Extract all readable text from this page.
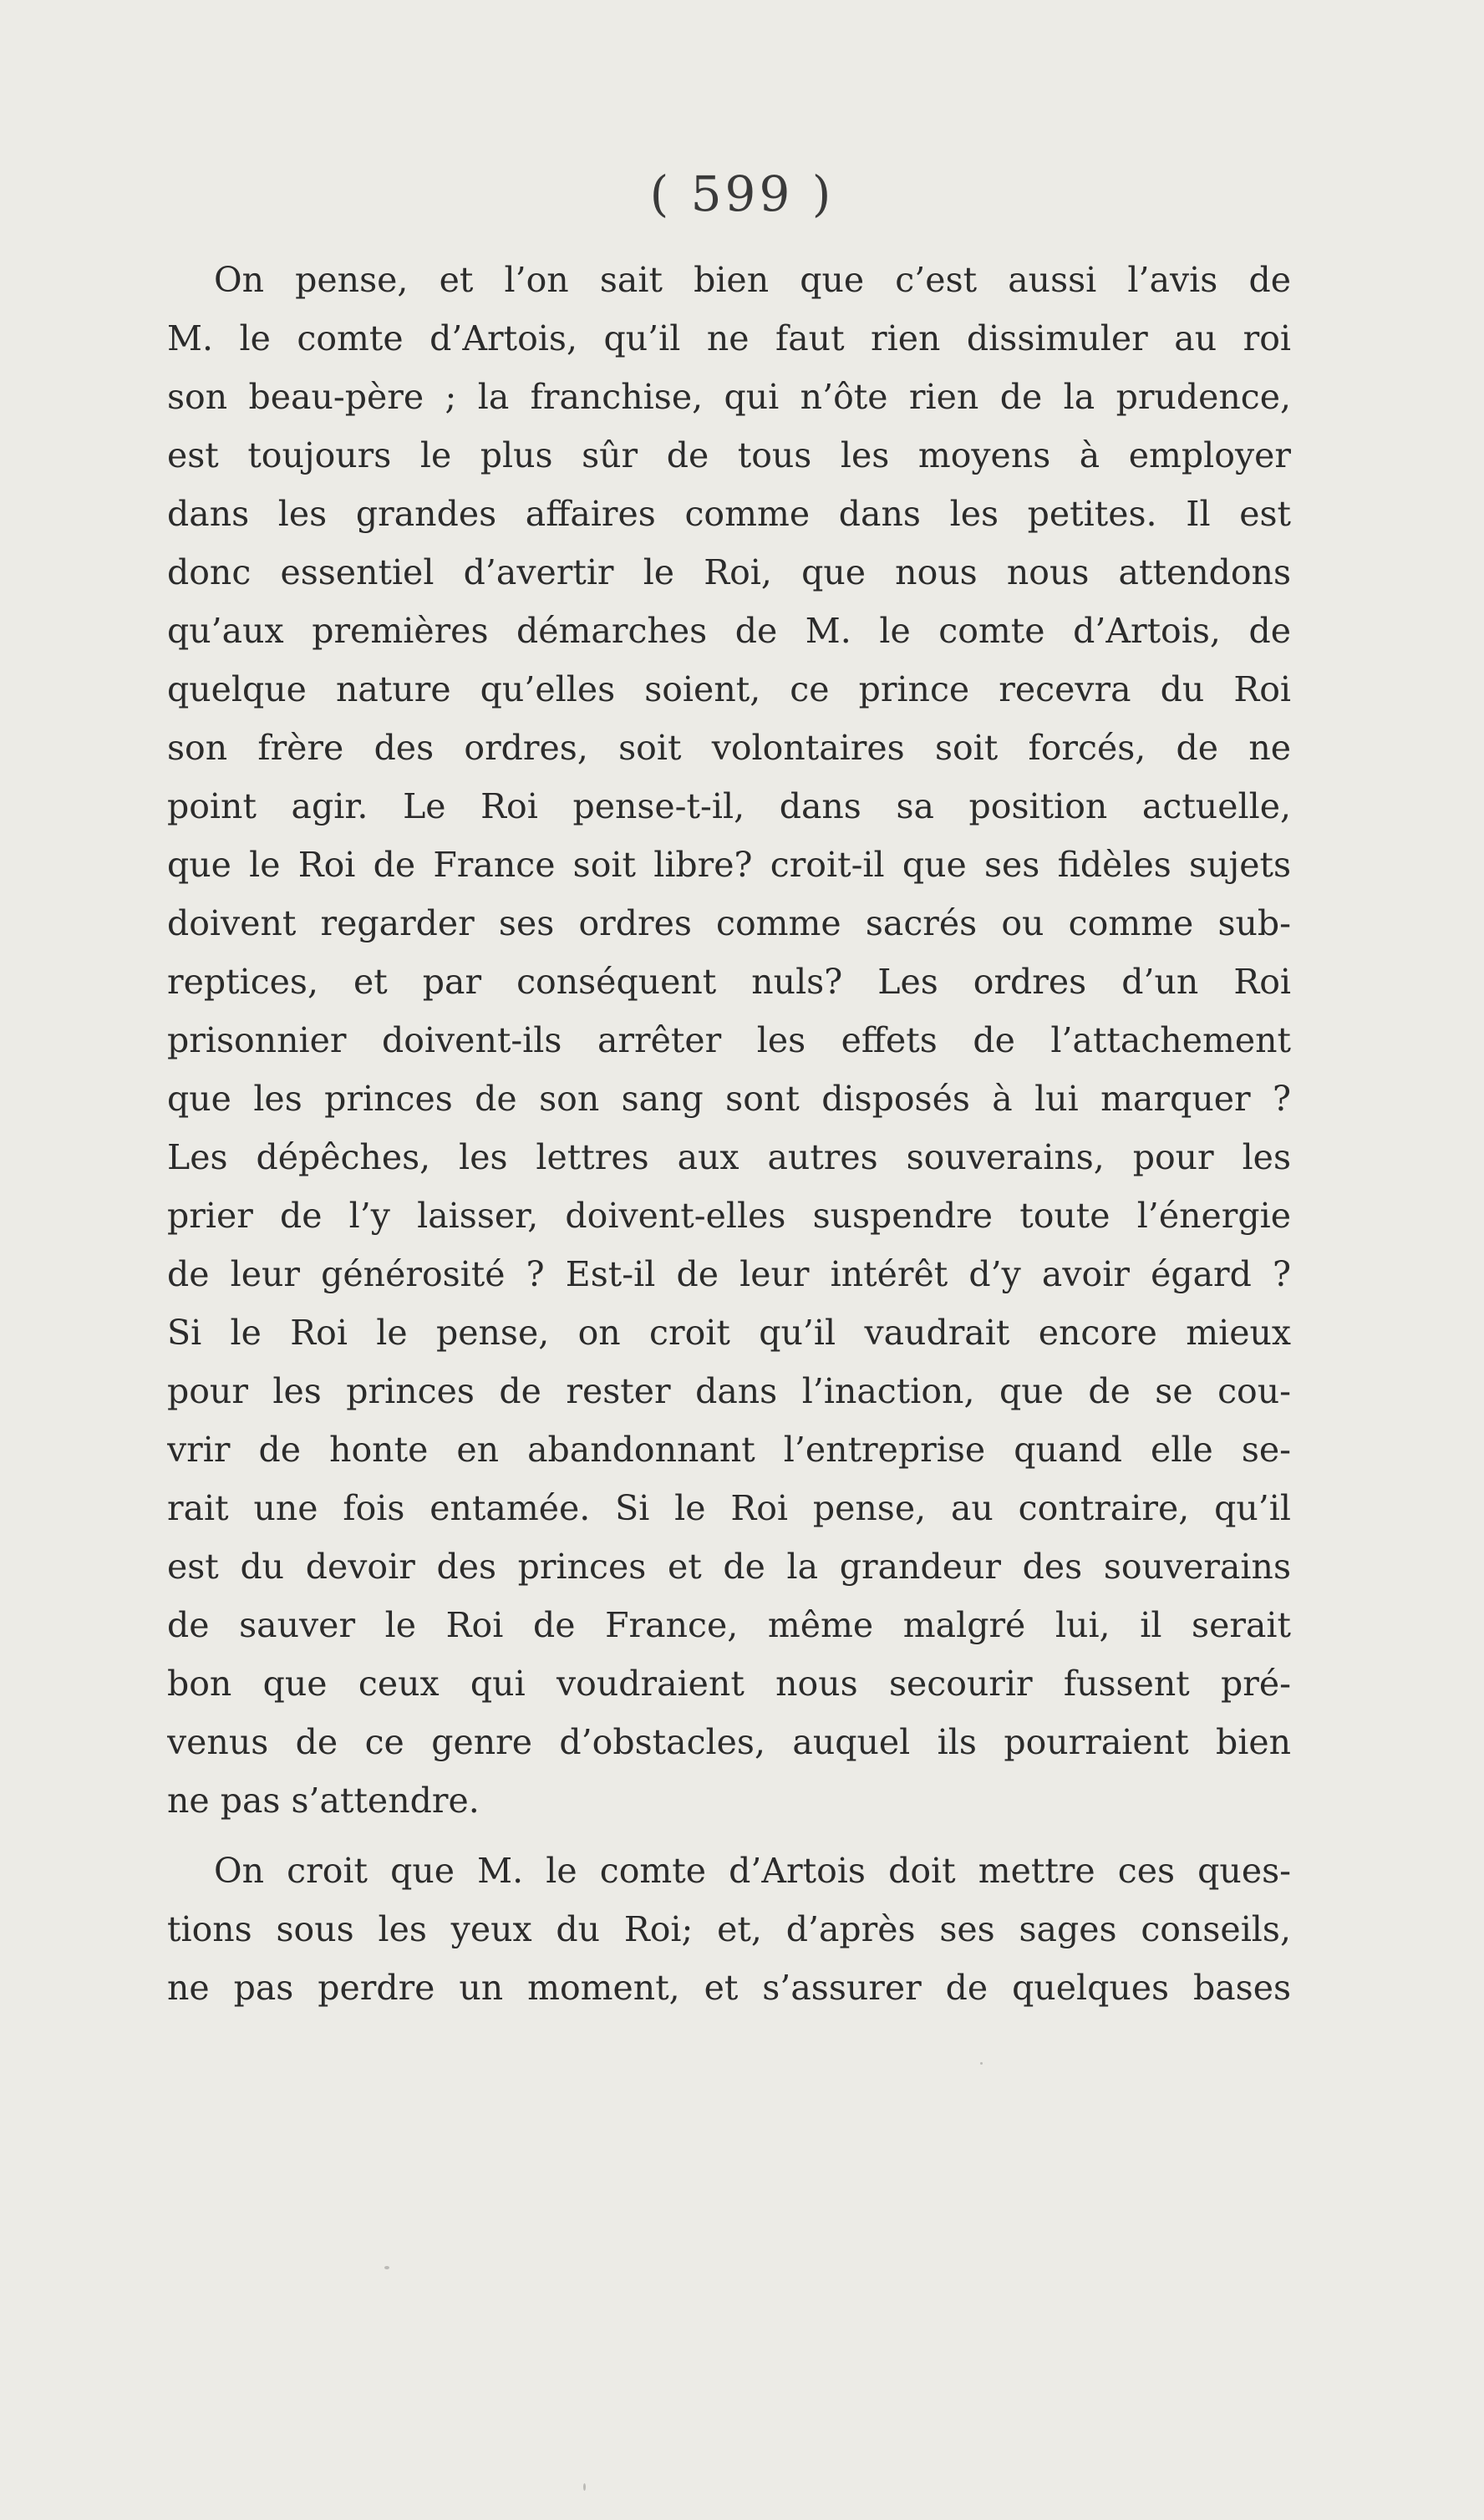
( 599 )
On pense, et l’on sait bien que c’est aussi l’avis de
M. le comte d’Artois, qu’il ne faut rien dissimuler au roi
son beau-père ; la franchise, qui n’ôte rien de la prudence,
est toujours le plus sûr de tous les moyens à employer
dans les grandes affaires comme dans les petites. Il est
donc essentiel d’avertir le Roi, que nous nous attendons
qu’aux premières démarches de M. le comte d’Artois, de
quelque nature qu’elles soient, ce prince recevra du Roi
son frère des ordres, soit volontaires soit forcés, de ne
point agir. Le Roi pense-t-il, dans sa position actuelle,
que le Roi de France soit libre? croit-il que ses fidèles sujets
doivent regarder ses ordres comme sacrés ou comme sub-
reptices, et par conséquent nuls? Les ordres d’un Roi
prisonnier doivent-ils arrêter les effets de l’attachement
que les princes de son sang sont disposés à lui marquer ?
Les dépêches, les lettres aux autres souverains, pour les
prier de l’y laisser, doivent-elles suspendre toute l’énergie
de leur générosité ? Est-il de leur intérêt d’y avoir égard ?
Si le Roi le pense, on croit qu’il vaudrait encore mieux
pour les princes de rester dans l’inaction, que de se cou-
vrir de honte en abandonnant l’entreprise quand elle se-
rait une fois entamée. Si le Roi pense, au contraire, qu’il
est du devoir des princes et de la grandeur des souverains
de sauver le Roi de France, même malgré lui, il serait
bon que ceux qui voudraient nous secourir fussent pré-
venus de ce genre d’obstacles, auquel ils pourraient bien
ne pas s’attendre.
On croit que M. le comte d’Artois doit mettre ces ques-
tions sous les yeux du Roi; et, d’après ses sages conseils,
ne pas perdre un moment, et s’assurer de quelques bases
